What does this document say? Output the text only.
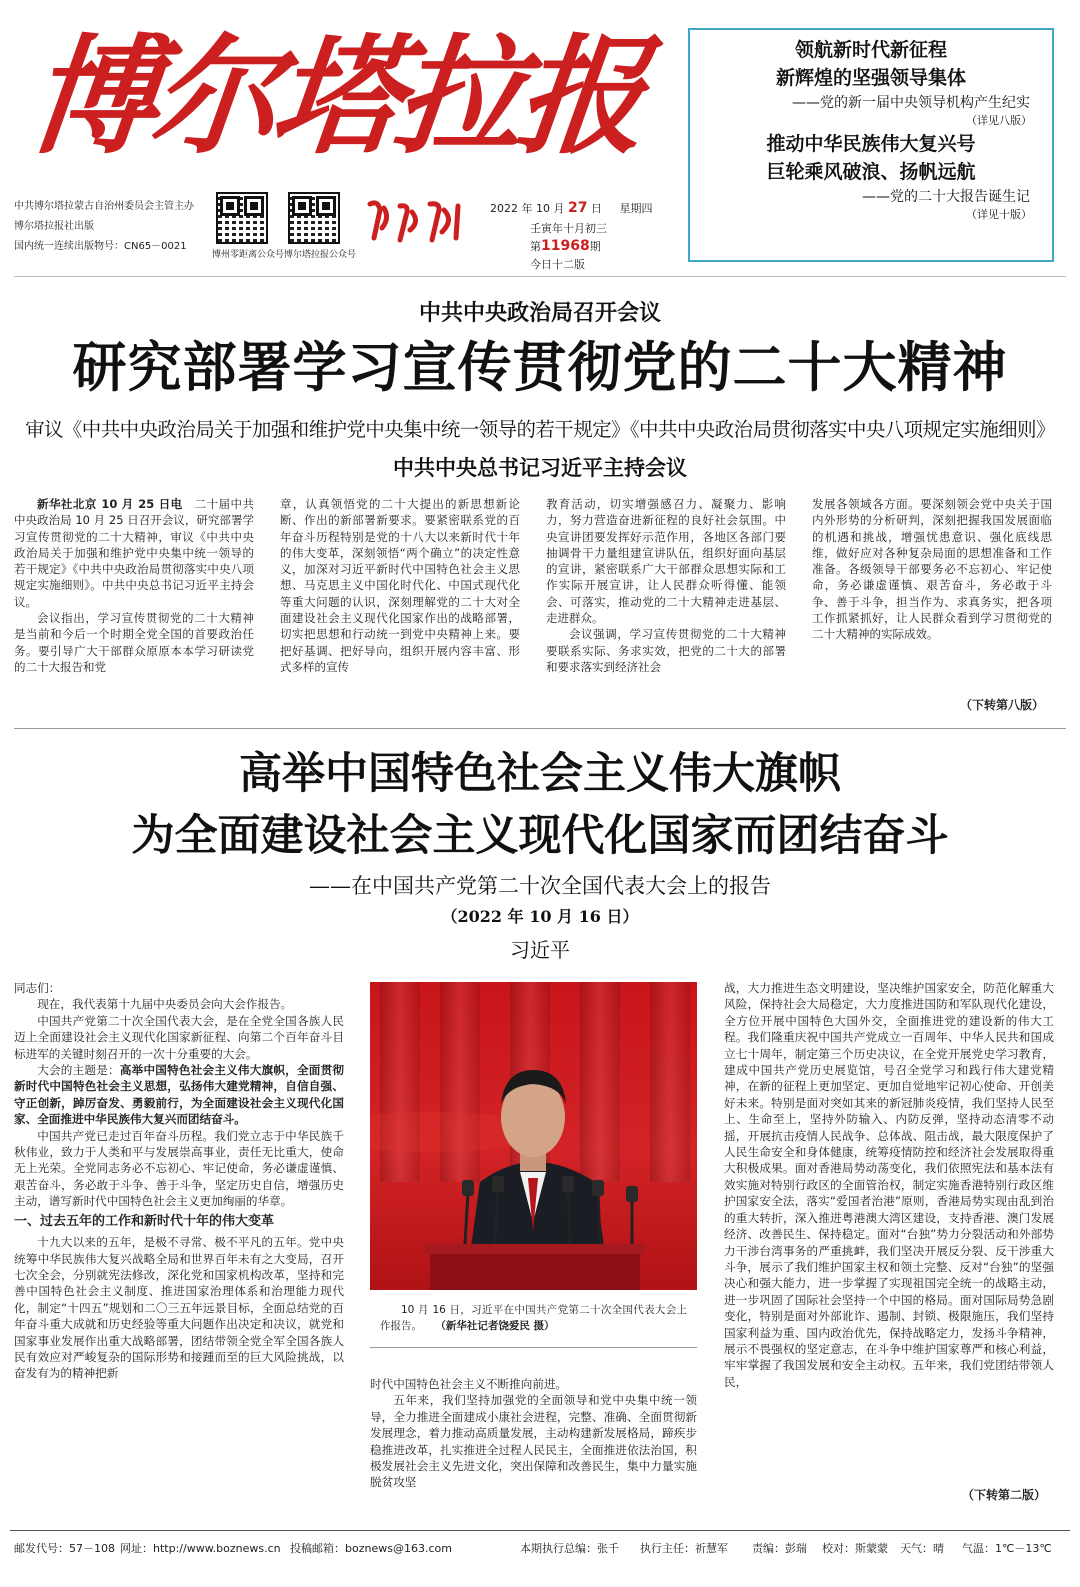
博尔塔拉报
中共博尔塔拉蒙古自治州委员会主管主办
博尔塔拉报社出版
国内统一连续出版物号：CN65－0021
博州零距离公众号 博尔塔拉报公众号
2022 年 10 月 27 日 星期四
壬寅年十月初三
第11968期
今日十二版
领航新时代新征程
新辉煌的坚强领导集体
——党的新一届中央领导机构产生纪实
（详见八版）
推动中华民族伟大复兴号
巨轮乘风破浪、扬帆远航
——党的二十大报告诞生记
（详见十版）
中共中央政治局召开会议
研究部署学习宣传贯彻党的二十大精神
审议《中共中央政治局关于加强和维护党中央集中统一领导的若干规定》《中共中央政治局贯彻落实中央八项规定实施细则》
中共中央总书记习近平主持会议

新华社北京 10 月 25 日电　 二十届中共中央政治局 10 月 25 日召开会议，研究部署学习宣传贯彻党的二十大精神，审议《中共中央政治局关于加强和维护党中央集中统一领导的若干规定》《中共中央政治局贯彻落实中央八项规定实施细则》。中共中央总书记习近平主持会议。

会议指出，学习宣传贯彻党的二十大精神是当前和今后一个时期全党全国的首要政治任务。要引导广大干部群众原原本本学习研读党的二十大报告和党

章，认真领悟党的二十大提出的新思想新论断、作出的新部署新要求。要紧密联系党的百年奋斗历程特别是党的十八大以来新时代十年的伟大变革，深刻领悟“两个确立”的决定性意义，加深对习近平新时代中国特色社会主义思想、马克思主义中国化时代化、中国式现代化等重大问题的认识，深刻理解党的二十大对全面建设社会主义现代化国家作出的战略部署，切实把思想和行动统一到党中央精神上来。要把好基调、把好导向，组织开展内容丰富、形式多样的宣传

教育活动，切实增强感召力、凝聚力、影响力，努力营造奋进新征程的良好社会氛围。中央宣讲团要发挥好示范作用，各地区各部门要抽调骨干力量组建宣讲队伍，组织好面向基层的宣讲，紧密联系广大干部群众思想实际和工作实际开展宣讲，让人民群众听得懂、能领会、可落实，推动党的二十大精神走进基层、走进群众。

会议强调，学习宣传贯彻党的二十大精神要联系实际、务求实效，把党的二十大的部署和要求落实到经济社会

发展各领域各方面。要深刻领会党中央关于国内外形势的分析研判，深刻把握我国发展面临的机遇和挑战，增强忧患意识、强化底线思维，做好应对各种复杂局面的思想准备和工作准备。各级领导干部要务必不忘初心、牢记使命，务必谦虚谨慎、艰苦奋斗，务必敢于斗争、善于斗争，担当作为、求真务实，把各项工作抓紧抓好，让人民群众看到学习贯彻党的二十大精神的实际成效。

（下转第八版）
高举中国特色社会主义伟大旗帜
为全面建设社会主义现代化国家而团结奋斗
——在中国共产党第二十次全国代表大会上的报告
（2022 年 10 月 16 日）
习近平

同志们：

现在，我代表第十九届中央委员会向大会作报告。

中国共产党第二十次全国代表大会，是在全党全国各族人民迈上全面建设社会主义现代化国家新征程、向第二个百年奋斗目标进军的关键时刻召开的一次十分重要的大会。

大会的主题是：高举中国特色社会主义伟大旗帜，全面贯彻新时代中国特色社会主义思想，弘扬伟大建党精神，自信自强、守正创新，踔厉奋发、勇毅前行，为全面建设社会主义现代化国家、全面推进中华民族伟大复兴而团结奋斗。

中国共产党已走过百年奋斗历程。我们党立志于中华民族千秋伟业，致力于人类和平与发展崇高事业，责任无比重大，使命无上光荣。全党同志务必不忘初心、牢记使命，务必谦虚谨慎、艰苦奋斗，务必敢于斗争、善于斗争，坚定历史自信，增强历史主动，谱写新时代中国特色社会主义更加绚丽的华章。

一、过去五年的工作和新时代十年的伟大变革

十九大以来的五年，是极不寻常、极不平凡的五年。党中央统筹中华民族伟大复兴战略全局和世界百年未有之大变局，召开七次全会，分别就宪法修改，深化党和国家机构改革，坚持和完善中国特色社会主义制度、推进国家治理体系和治理能力现代化，制定“十四五”规划和二〇三五年远景目标，全面总结党的百年奋斗重大成就和历史经验等重大问题作出决定和决议，就党和国家事业发展作出重大战略部署，团结带领全党全军全国各族人民有效应对严峻复杂的国际形势和接踵而至的巨大风险挑战，以奋发有为的精神把新

10 月 16 日，习近平在中国共产党第二十次全国代表大会上作报告。 （新华社记者饶爱民 摄）

时代中国特色社会主义不断推向前进。

五年来，我们坚持加强党的全面领导和党中央集中统一领导，全力推进全面建成小康社会进程，完整、准确、全面贯彻新发展理念，着力推动高质量发展，主动构建新发展格局，蹄疾步稳推进改革，扎实推进全过程人民民主，全面推进依法治国，积极发展社会主义先进文化，突出保障和改善民生，集中力量实施脱贫攻坚

战，大力推进生态文明建设，坚决维护国家安全，防范化解重大风险，保持社会大局稳定，大力度推进国防和军队现代化建设，全方位开展中国特色大国外交，全面推进党的建设新的伟大工程。我们隆重庆祝中国共产党成立一百周年、中华人民共和国成立七十周年，制定第三个历史决议，在全党开展党史学习教育，建成中国共产党历史展览馆，号召全党学习和践行伟大建党精神，在新的征程上更加坚定、更加自觉地牢记初心使命、开创美好未来。特别是面对突如其来的新冠肺炎疫情，我们坚持人民至上、生命至上，坚持外防输入、内防反弹，坚持动态清零不动摇，开展抗击疫情人民战争、总体战、阻击战，最大限度保护了人民生命安全和身体健康，统筹疫情防控和经济社会发展取得重大积极成果。面对香港局势动荡变化，我们依照宪法和基本法有效实施对特别行政区的全面管治权，制定实施香港特别行政区维护国家安全法，落实“爱国者治港”原则，香港局势实现由乱到治的重大转折，深入推进粤港澳大湾区建设，支持香港、澳门发展经济、改善民生、保持稳定。面对“台独”势力分裂活动和外部势力干涉台湾事务的严重挑衅，我们坚决开展反分裂、反干涉重大斗争，展示了我们维护国家主权和领土完整、反对“台独”的坚强决心和强大能力，进一步掌握了实现祖国完全统一的战略主动，进一步巩固了国际社会坚持一个中国的格局。面对国际局势急剧变化，特别是面对外部讹诈、遏制、封锁、极限施压，我们坚持国家利益为重、国内政治优先，保持战略定力，发扬斗争精神，展示不畏强权的坚定意志，在斗争中维护国家尊严和核心利益，牢牢掌握了我国发展和安全主动权。五年来，我们党团结带领人民，

（下转第二版）
邮发代号：57－108 网址：http://www.boznews.cn 投稿邮箱：boznews@163.com	本期执行总编：张千 执行主任：祈慧军 责编：彭瑞 校对：斯蒙蒙 天气：晴 气温：1℃－13℃
